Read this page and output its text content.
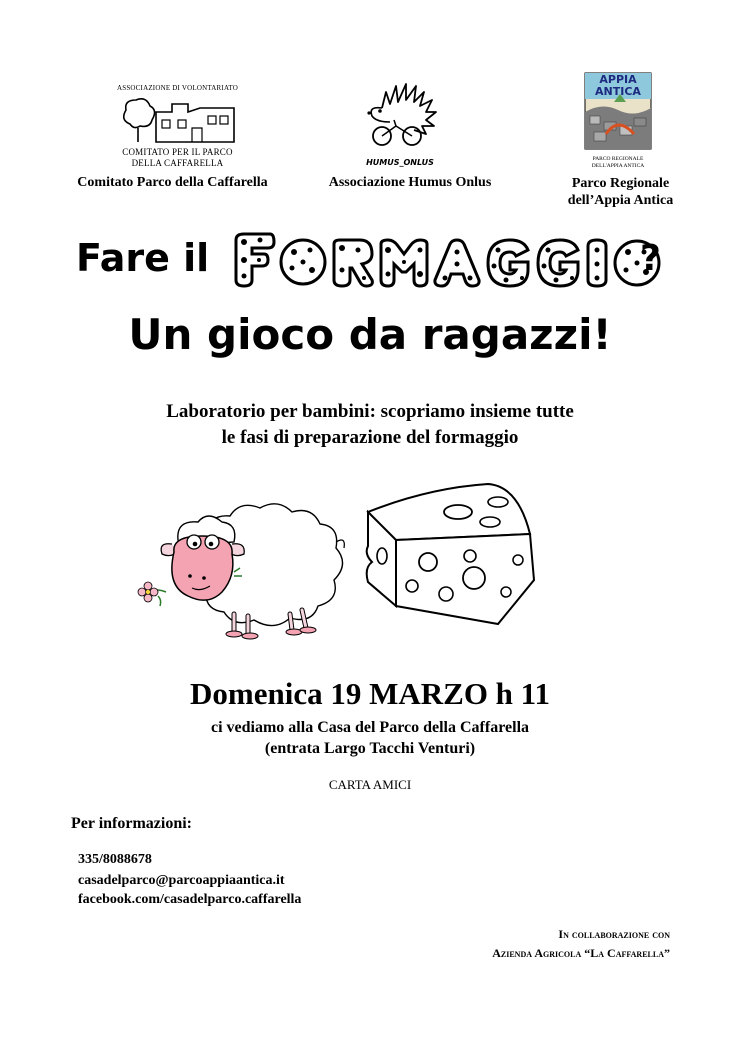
ASSOCIAZIONE DI VOLONTARIATO
COMITATO PER IL PARCO
DELLA CAFFARELLA
Comitato Parco della Caffarella
HUMUS_ONLUS
Associazione Humus Onlus
APPIA
ANTICA
PARCO REGIONALE
DELL'APPIA ANTICA
Parco Regionale
dell’Appia Antica
Fare il	?
Un gioco da ragazzi!
Laboratorio per bambini: scopriamo insieme tutte
le fasi di preparazione del formaggio
Domenica 19 MARZO h 11
ci vediamo alla Casa del Parco della Caffarella
(entrata Largo Tacchi Venturi)
CARTA AMICI
Per informazioni:
335/8088678
casadelparco@parcoappiaantica.it
facebook.com/casadelparco.caffarella
In collaborazione con
Azienda Agricola “La Caffarella”
